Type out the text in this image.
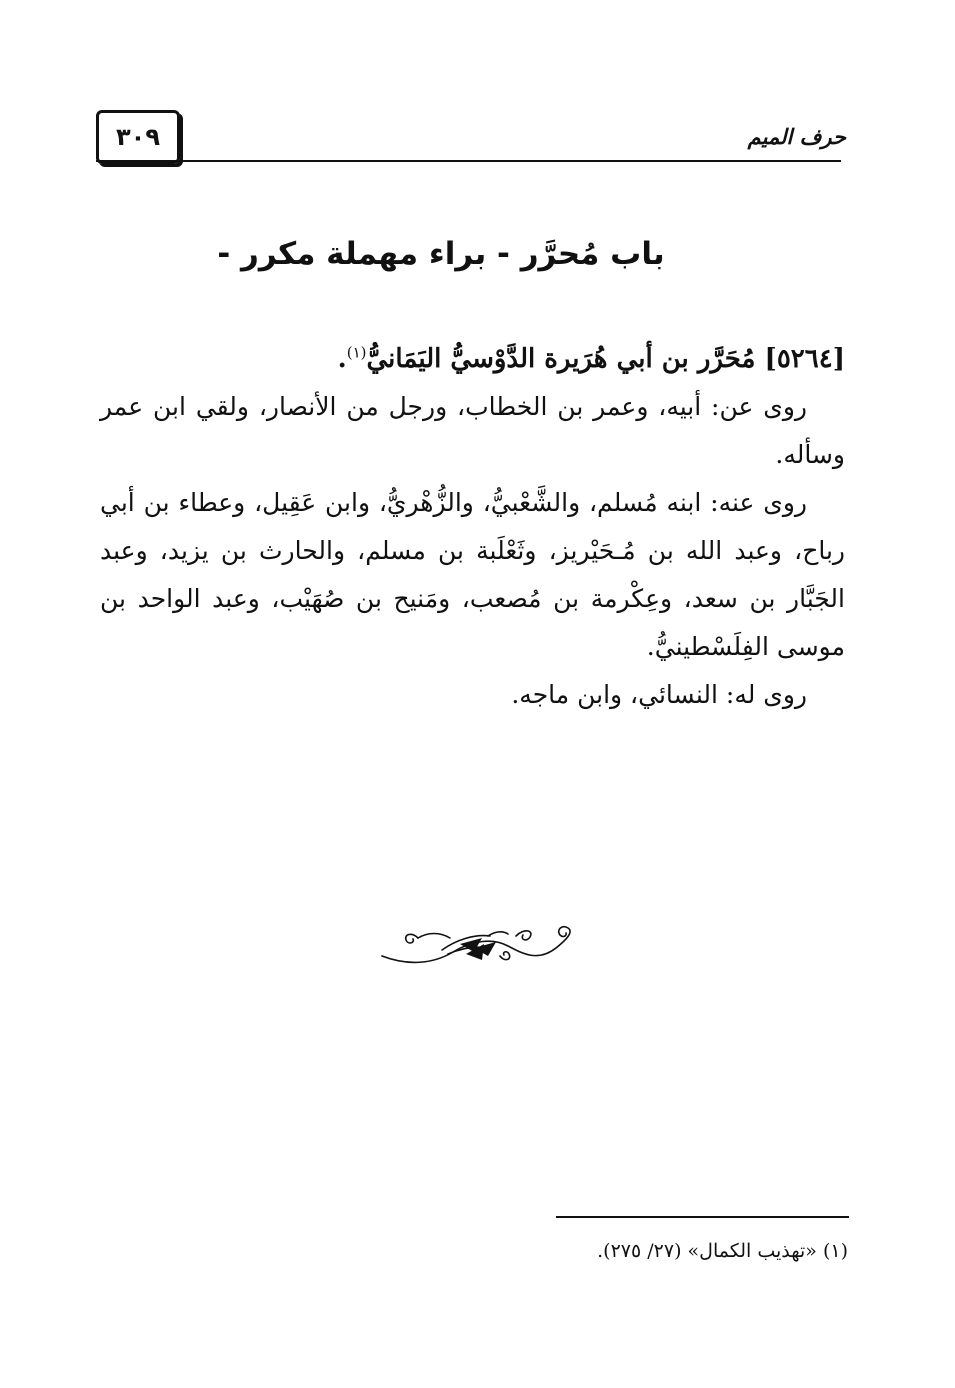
٣٠٩	حرف الميم
باب مُحرَّر - براء مهملة مكرر -

[٥٢٦٤] مُحَرَّر بن أبي هُرَيرة الدَّوْسيُّ اليَمَانيُّ$^{(١)}$.

روى عن: أبيه، وعمر بن الخطاب، ورجل من الأنصار، ولقي ابن عمر وسأله.

روى عنه: ابنه مُسلم، والشَّعْبيُّ، والزُّهْريُّ، وابن عَقِيل، وعطاء بن أبي رباح، وعبد الله بن مُـحَيْريز، وثَعْلَبة بن مسلم، والحارث بن يزيد، وعبد الجَبَّار بن سعد، وعِكْرمة بن مُصعب، ومَنيح بن صُهَيْب، وعبد الواحد بن موسى الفِلَسْطينيُّ.

روى له: النسائي، وابن ماجه.

(١) «تهذيب الكمال» (٢٧/ ٢٧٥).
